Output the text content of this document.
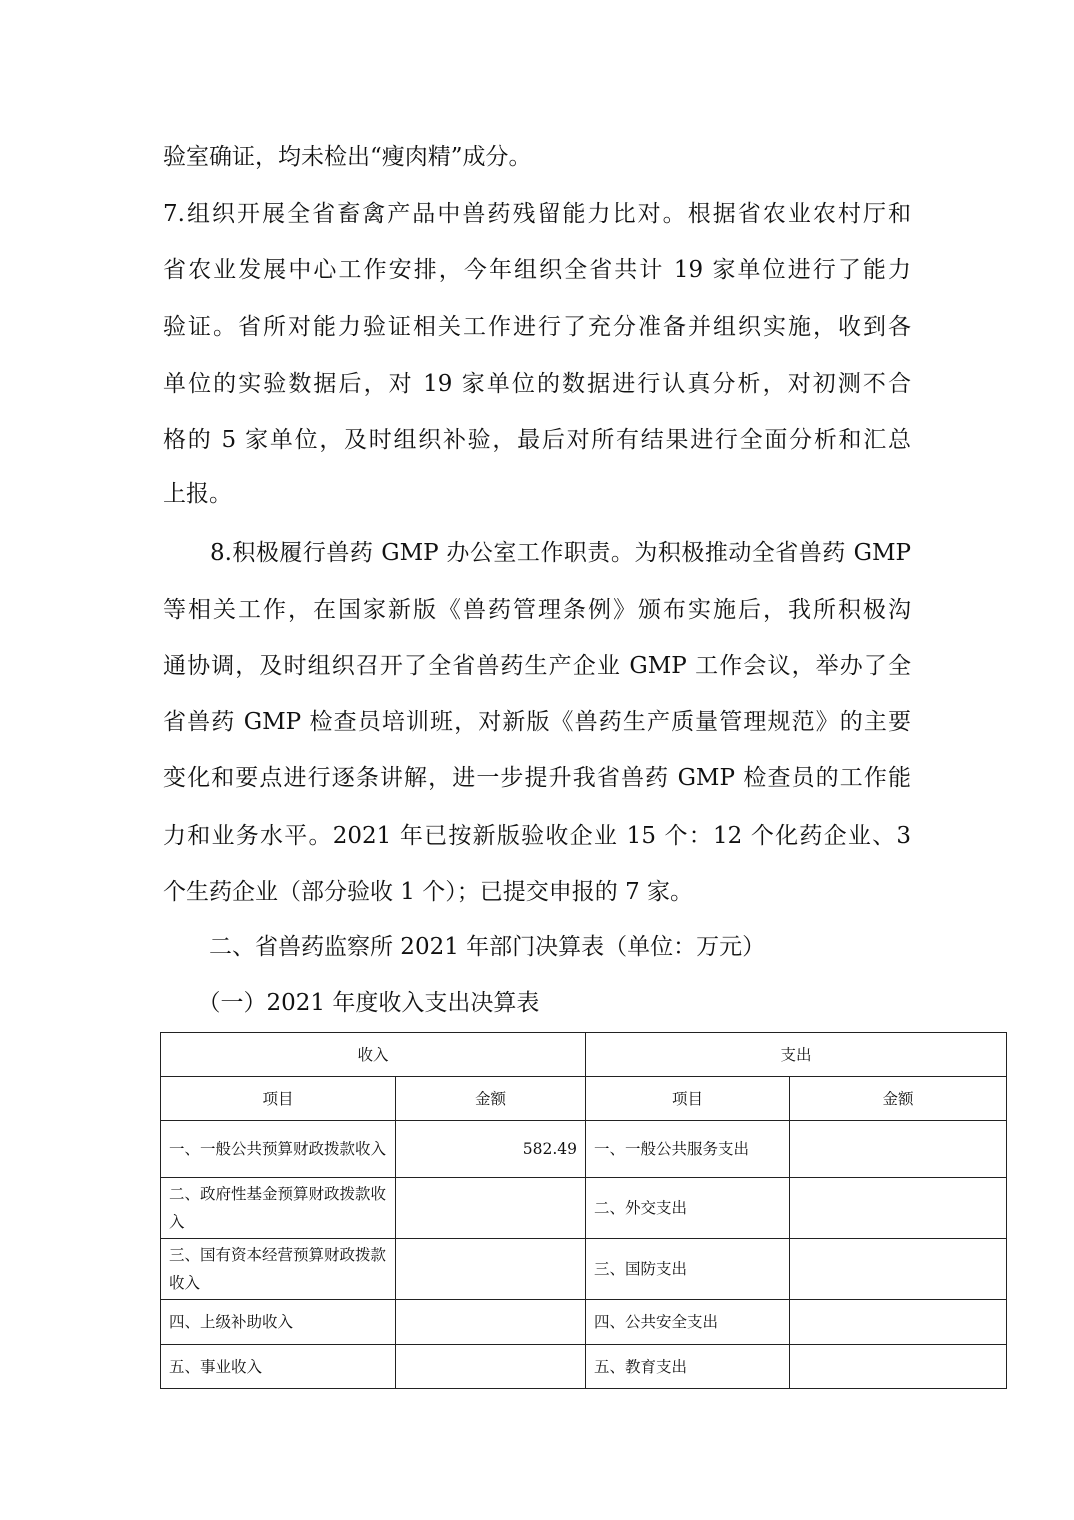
验室确证，均未检出“瘦肉精”成分。
7.组织开展全省畜禽产品中兽药残留能力比对。根据省农业农村厅和
省农业发展中心工作安排，今年组织全省共计 19 家单位进行了能力
验证。省所对能力验证相关工作进行了充分准备并组织实施，收到各
单位的实验数据后，对 19 家单位的数据进行认真分析，对初测不合
格的 5 家单位，及时组织补验，最后对所有结果进行全面分析和汇总
上报。
　　8.积极履行兽药 GMP 办公室工作职责。为积极推动全省兽药 GMP
等相关工作，在国家新版《兽药管理条例》颁布实施后，我所积极沟
通协调，及时组织召开了全省兽药生产企业 GMP 工作会议，举办了全
省兽药 GMP 检查员培训班，对新版《兽药生产质量管理规范》的主要
变化和要点进行逐条讲解，进一步提升我省兽药 GMP 检查员的工作能
力和业务水平。2021 年已按新版验收企业 15 个：12 个化药企业、3
个生药企业（部分验收 1 个）；已提交申报的 7 家。
　　二、省兽药监察所 2021 年部门决算表（单位：万元）
　　（一）2021 年度收入支出决算表
收入		支出	
项目	金额	项目	金额
一、一般公共预算财政拨款收入	582.49	一、一般公共服务支出	
二、政府性基金预算财政拨款收入		二、外交支出	
三、国有资本经营预算财政拨款收入		三、国防支出	
四、上级补助收入		四、公共安全支出	
五、事业收入		五、教育支出	
